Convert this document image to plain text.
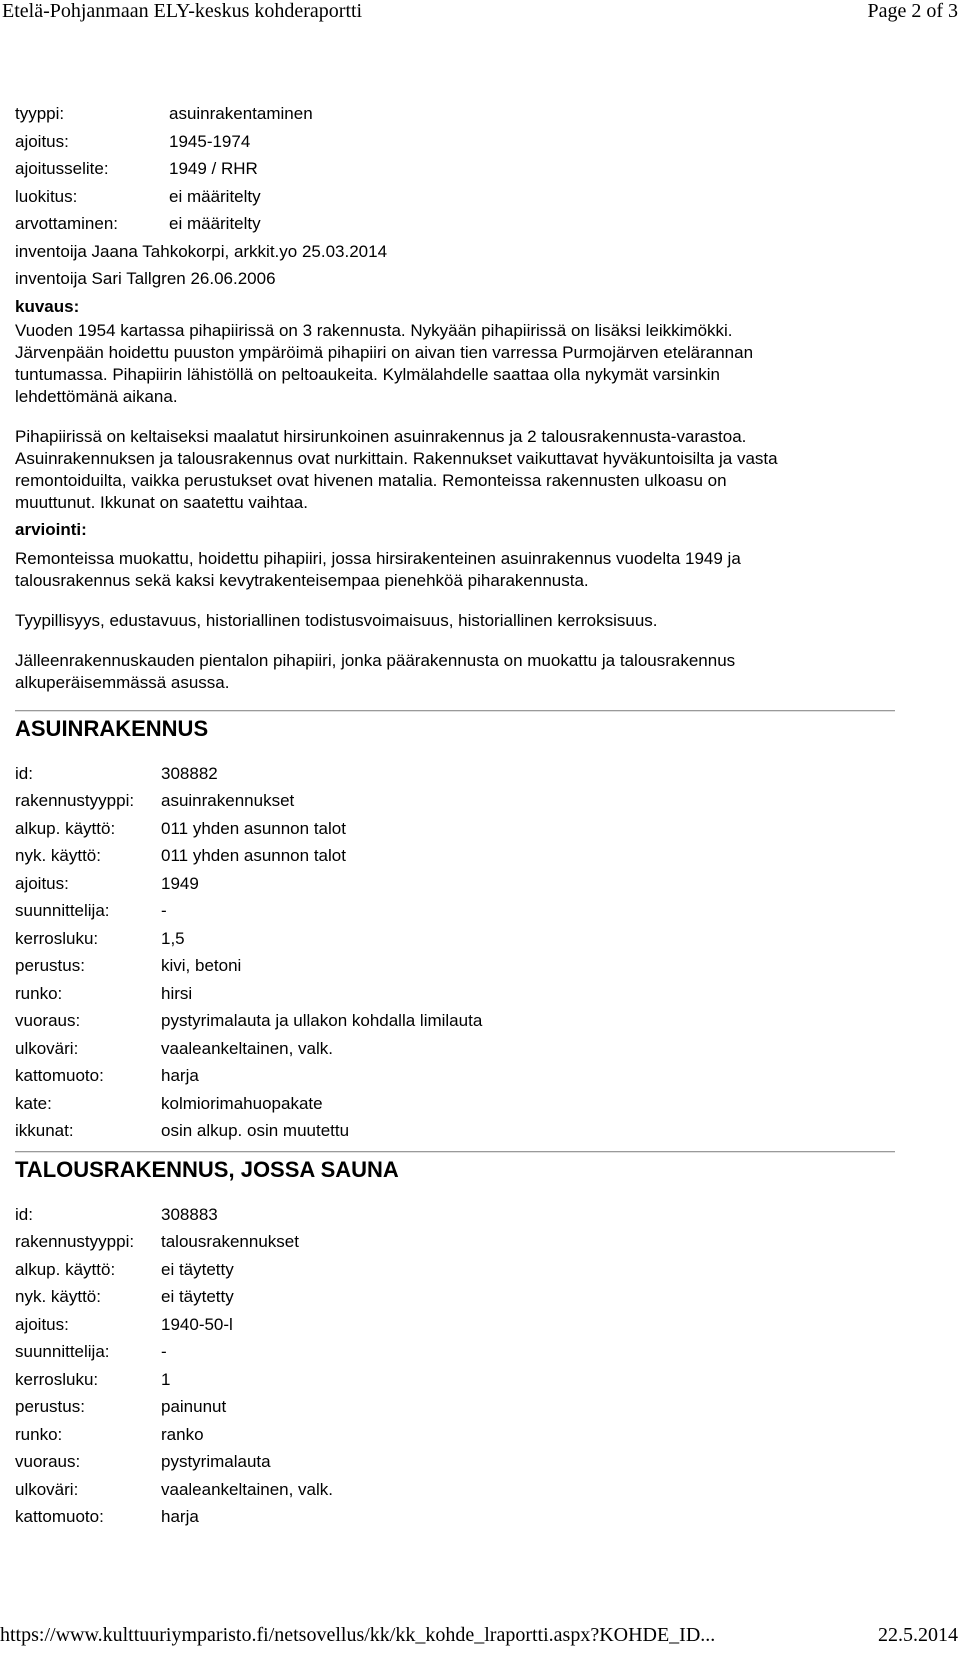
Etelä-Pohjanmaan ELY-keskus kohderaportti	Page 2 of 3
tyyppi:	asuinrakentaminen
ajoitus:	1945-1974
ajoitusselite:	1949 / RHR
luokitus:	ei määritelty
arvottaminen:	ei määritelty
inventoija Jaana Tahkokorpi, arkkit.yo 25.03.2014
inventoija Sari Tallgren 26.06.2006
kuvaus:
Vuoden 1954 kartassa pihapiirissä on 3 rakennusta. Nykyään pihapiirissä on lisäksi leikkimökki.
Järvenpään hoidettu puuston ympäröimä pihapiiri on aivan tien varressa Purmojärven etelärannan
tuntumassa. Pihapiirin lähistöllä on peltoaukeita. Kylmälahdelle saattaa olla nykymät varsinkin
lehdettömänä aikana.
Pihapiirissä on keltaiseksi maalatut hirsirunkoinen asuinrakennus ja 2 talousrakennusta-varastoa.
Asuinrakennuksen ja talousrakennus ovat nurkittain. Rakennukset vaikuttavat hyväkuntoisilta ja vasta
remontoiduilta, vaikka perustukset ovat hivenen matalia. Remonteissa rakennusten ulkoasu on
muuttunut. Ikkunat on saatettu vaihtaa.
arviointi:
Remonteissa muokattu, hoidettu pihapiiri, jossa hirsirakenteinen asuinrakennus vuodelta 1949 ja
talousrakennus sekä kaksi kevytrakenteisempaa pienehköä piharakennusta.
Tyypillisyys, edustavuus, historiallinen todistusvoimaisuus, historiallinen kerroksisuus.
Jälleenrakennuskauden pientalon pihapiiri, jonka päärakennusta on muokattu ja talousrakennus
alkuperäisemmässä asussa.
ASUINRAKENNUS
id:	308882
rakennustyyppi: asuinrakennukset
alkup. käyttö:	011 yhden asunnon talot
nyk. käyttö:	011 yhden asunnon talot
ajoitus:	1949
suunnittelija:	-
kerrosluku:	1,5
perustus:	kivi, betoni
runko:	hirsi
vuoraus:	pystyrimalauta ja ullakon kohdalla limilauta
ulkoväri:	vaaleankeltainen, valk.
kattomuoto:	harja
kate:	kolmiorimahuopakate
ikkunat:	osin alkup. osin muutettu
TALOUSRAKENNUS, JOSSA SAUNA
id:	308883
rakennustyyppi: talousrakennukset
alkup. käyttö:	ei täytetty
nyk. käyttö:	ei täytetty
ajoitus:	1940-50-l
suunnittelija:	-
kerrosluku:	1
perustus:	painunut
runko:	ranko
vuoraus:	pystyrimalauta
ulkoväri:	vaaleankeltainen, valk.
kattomuoto:	harja
https://www.kulttuuriymparisto.fi/netsovellus/kk/kk_kohde_lraportti.aspx?KOHDE_ID...	22.5.2014
